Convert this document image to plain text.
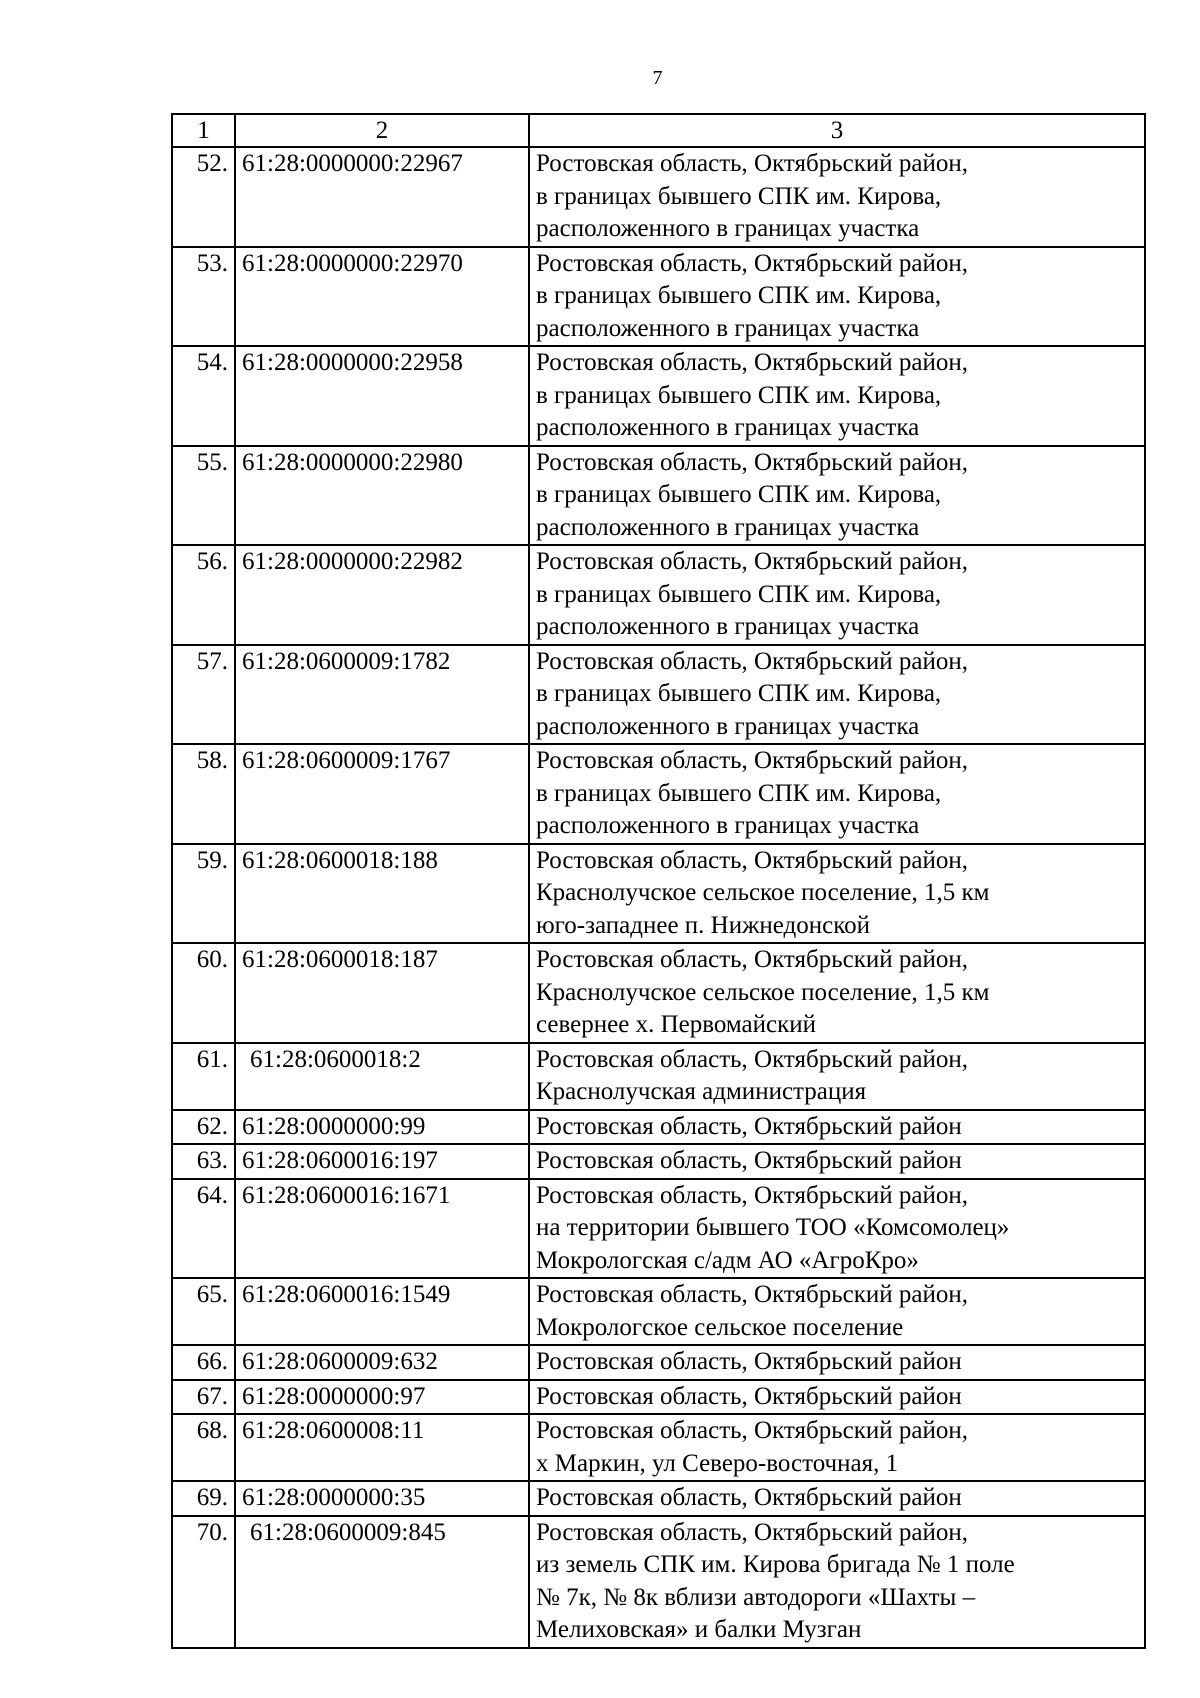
7
1	2	3
52.	61:28:0000000:22967	Ростовская область, Октябрьский район,
в границах бывшего СПК им. Кирова,
расположенного в границах участка

53.	61:28:0000000:22970	Ростовская область, Октябрьский район,
в границах бывшего СПК им. Кирова,
расположенного в границах участка

54.	61:28:0000000:22958	Ростовская область, Октябрьский район,
в границах бывшего СПК им. Кирова,
расположенного в границах участка

55.	61:28:0000000:22980	Ростовская область, Октябрьский район,
в границах бывшего СПК им. Кирова,
расположенного в границах участка

56.	61:28:0000000:22982	Ростовская область, Октябрьский район,
в границах бывшего СПК им. Кирова,
расположенного в границах участка

57.	61:28:0600009:1782	Ростовская область, Октябрьский район,
в границах бывшего СПК им. Кирова,
расположенного в границах участка

58.	61:28:0600009:1767	Ростовская область, Октябрьский район,
в границах бывшего СПК им. Кирова,
расположенного в границах участка

59.	61:28:0600018:188	Ростовская область, Октябрьский район,
Краснолучское сельское поселение, 1,5 км
юго-западнее п. Нижнедонской

60.	61:28:0600018:187	Ростовская область, Октябрьский район,
Краснолучское сельское поселение, 1,5 км
севернее х. Первомайский

61.	61:28:0600018:2	Ростовская область, Октябрьский район,
Краснолучская администрация

62.	61:28:0000000:99	Ростовская область, Октябрьский район

63.	61:28:0600016:197	Ростовская область, Октябрьский район

64.	61:28:0600016:1671	Ростовская область, Октябрьский район,
на территории бывшего ТОО «Комсомолец»
Мокрологская с/адм АО «АгроКро»

65.	61:28:0600016:1549	Ростовская область, Октябрьский район,
Мокрологское сельское поселение

66.	61:28:0600009:632	Ростовская область, Октябрьский район

67.	61:28:0000000:97	Ростовская область, Октябрьский район

68.	61:28:0600008:11	Ростовская область, Октябрьский район,
х Маркин, ул Северо-восточная, 1

69.	61:28:0000000:35	Ростовская область, Октябрьский район

70.	61:28:0600009:845	Ростовская область, Октябрьский район,
из земель СПК им. Кирова бригада № 1 поле
№ 7к, № 8к вблизи автодороги «Шахты –
Мелиховская» и балки Музган
